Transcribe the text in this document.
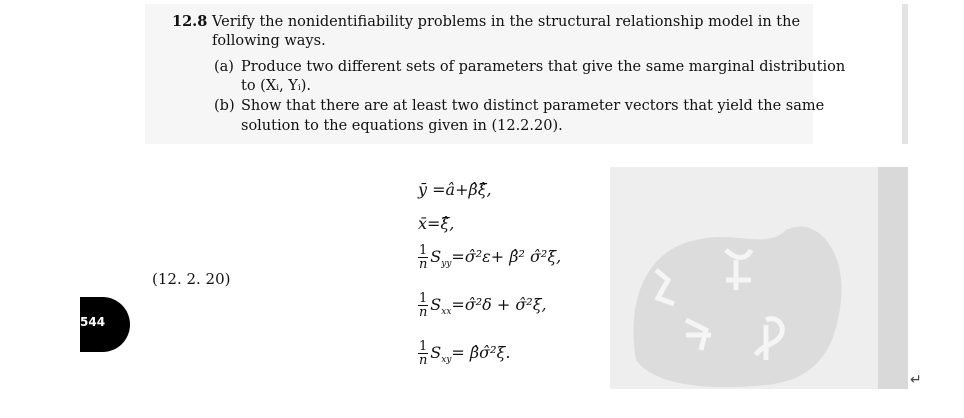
12.8 Verify the nonidentifiability problems in the structural relationship model in the
following ways.
(a) Produce two different sets of parameters that give the same marginal distribution
to (Xᵢ, Yᵢ).
(b) Show that there are at least two distinct parameter vectors that yield the same
solution to the equations given in (12.2.20).
(12. 2. 20)
ȳ =â+β̂ξ̂,
x̄=ξ̂,
$\frac{1}{n}$ $S_{yy}=\sigmâ^2\varepsilon+$ β̂² σ̂²ξ,
$\frac{1}{n}$ $S_{xx}=\sigmâ^2\delta$ + σ̂²ξ,
$\frac{1}{n} S_{xy}=$ β̂σ̂²ξ.
544
↵
